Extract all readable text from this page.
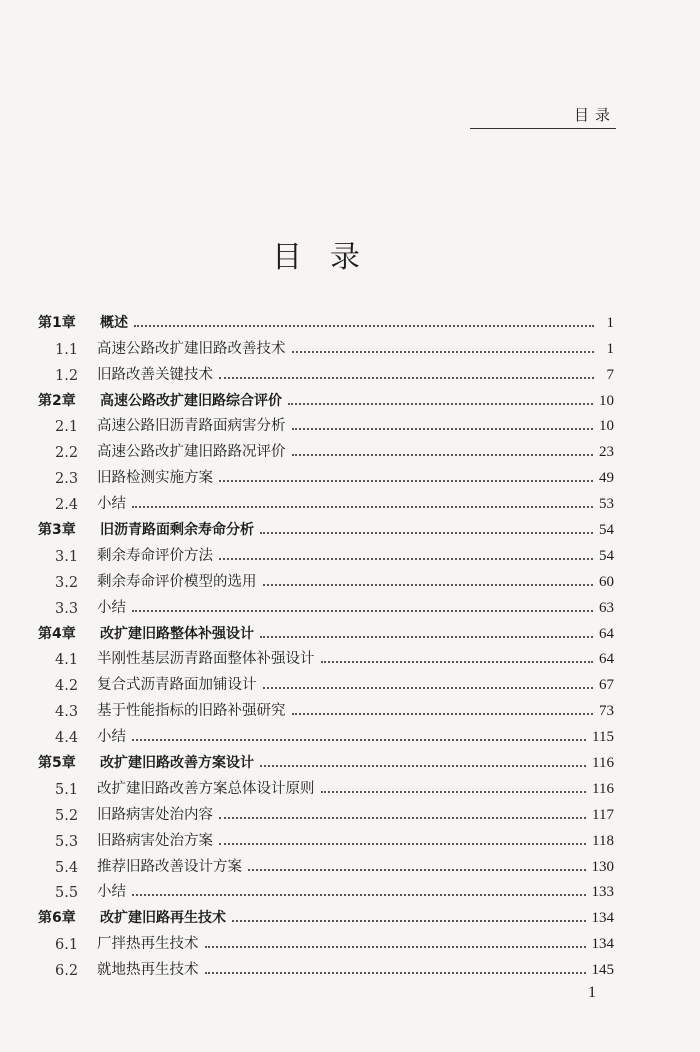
目录
目录
第1章	概述	1
1.1	高速公路改扩建旧路改善技术	1
1.2	旧路改善关键技术	7
第2章	高速公路改扩建旧路综合评价	10
2.1	高速公路旧沥青路面病害分析	10
2.2	高速公路改扩建旧路路况评价	23
2.3	旧路检测实施方案	49
2.4	小结	53
第3章	旧沥青路面剩余寿命分析	54
3.1	剩余寿命评价方法	54
3.2	剩余寿命评价模型的选用	60
3.3	小结	63
第4章	改扩建旧路整体补强设计	64
4.1	半刚性基层沥青路面整体补强设计	64
4.2	复合式沥青路面加铺设计	67
4.3	基于性能指标的旧路补强研究	73
4.4	小结	115
第5章	改扩建旧路改善方案设计	116
5.1	改扩建旧路改善方案总体设计原则	116
5.2	旧路病害处治内容	117
5.3	旧路病害处治方案	118
5.4	推荐旧路改善设计方案	130
5.5	小结	133
第6章	改扩建旧路再生技术	134
6.1	厂拌热再生技术	134
6.2	就地热再生技术	145
1
